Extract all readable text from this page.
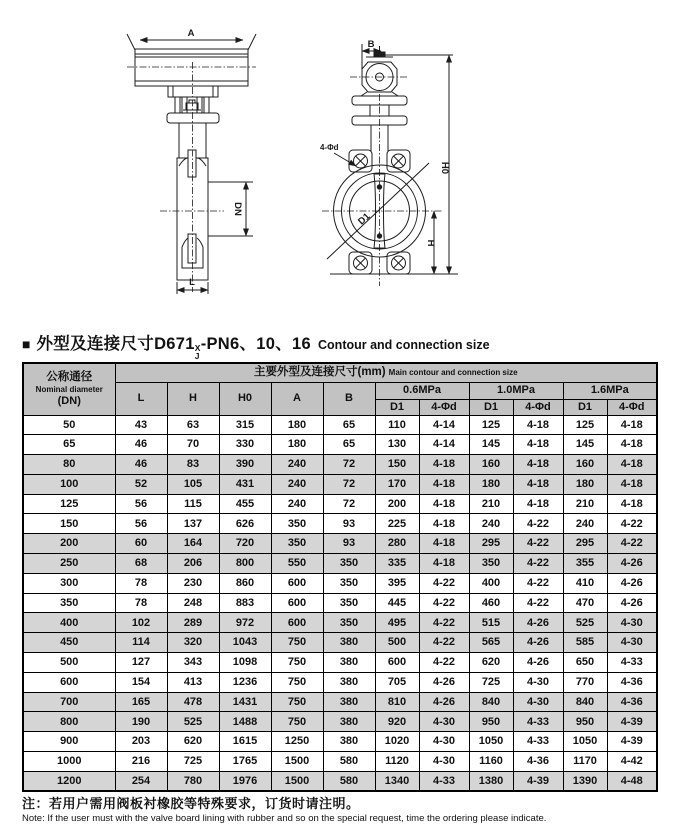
A
DN
L
B
4-Φd
H
H0
D1
■ 外型及连接尺寸D671 X
J
-PN6、10、16 Contour and connection size
公称通径
Nominal diameter
(DN)	主要外型及连接尺寸(mm) Main contour and connection size										
	L	H	H0	A	B	0.6MPa		1.0MPa		1.6MPa	
						D1	4-Φd	D1	4-Φd	D1	4-Φd
50	43	63	315	180	65	110	4-14	125	4-18	125	4-18
65	46	70	330	180	65	130	4-14	145	4-18	145	4-18
80	46	83	390	240	72	150	4-18	160	4-18	160	4-18
100	52	105	431	240	72	170	4-18	180	4-18	180	4-18
125	56	115	455	240	72	200	4-18	210	4-18	210	4-18
150	56	137	626	350	93	225	4-18	240	4-22	240	4-22
200	60	164	720	350	93	280	4-18	295	4-22	295	4-22
250	68	206	800	550	350	335	4-18	350	4-22	355	4-26
300	78	230	860	600	350	395	4-22	400	4-22	410	4-26
350	78	248	883	600	350	445	4-22	460	4-22	470	4-26
400	102	289	972	600	350	495	4-22	515	4-26	525	4-30
450	114	320	1043	750	380	500	4-22	565	4-26	585	4-30
500	127	343	1098	750	380	600	4-22	620	4-26	650	4-33
600	154	413	1236	750	380	705	4-26	725	4-30	770	4-36
700	165	478	1431	750	380	810	4-26	840	4-30	840	4-36
800	190	525	1488	750	380	920	4-30	950	4-33	950	4-39
900	203	620	1615	1250	380	1020	4-30	1050	4-33	1050	4-39
1000	216	725	1765	1500	580	1120	4-30	1160	4-36	1170	4-42
1200	254	780	1976	1500	580	1340	4-33	1380	4-39	1390	4-48
注：若用户需用阀板衬橡胶等特殊要求，订货时请注明。
Note: If the user must with the valve board lining with rubber and so on the special request, time the ordering please indicate.
